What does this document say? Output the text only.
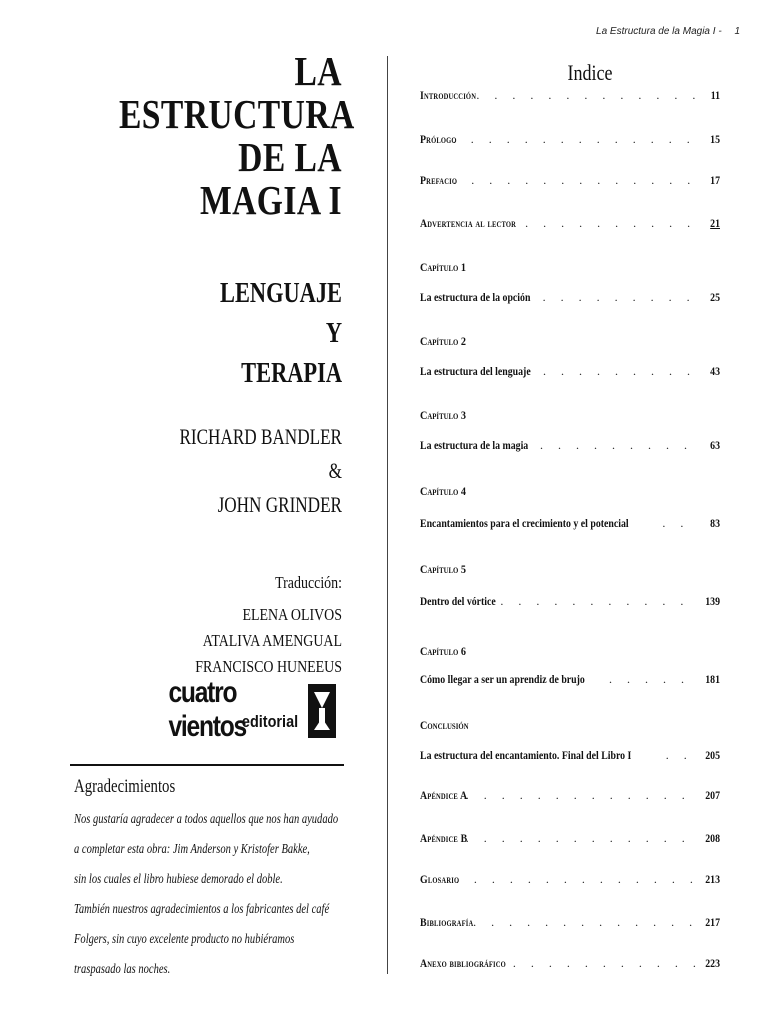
La Estructura de la Magia I - 1
LA ESTRUCTURA
DE LA MAGIA I
LENGUAJE
Y
TERAPIA
RICHARD BANDLER
&
JOHN GRINDER
Traducción:
ELENA OLIVOS
ATALIVA AMENGUAL
FRANCISCO HUNEEUS
cuatro vientos
editorial
Agradecimientos
Nos gustaría agradecer a todos aquellos que nos han ayudado
a completar esta obra: Jim Anderson y Kristofer Bakke,
sin los cuales el libro hubiese demorado el doble.
También nuestros agradecimientos a los fabricantes del café
Folgers, sin cuyo excelente producto no hubiéramos
traspasado las noches.
Indice
Introducción . . .	11
Prólogo . . .	15
Prefacio . . .	17
Advertencia al lector . . .	21
Capítulo 1
La estructura de la opción . . .	25
Capítulo 2
La estructura del lenguaje . . .	43
Capítulo 3
La estructura de la magia . . .	63
Capítulo 4
Encantamientos para el crecimiento y el potencial . . .	83
Capítulo 5
Dentro del vórtice . . .	139
Capítulo 6
Cómo llegar a ser un aprendiz de brujo . . .	181
Conclusión
La estructura del encantamiento. Final del Libro I . . .	205
Apéndice A . . .	207
Apéndice B . . .	208
Glosario . . .	213
Bibliografía . . .	217
Anexo bibliográfico . . .	223
